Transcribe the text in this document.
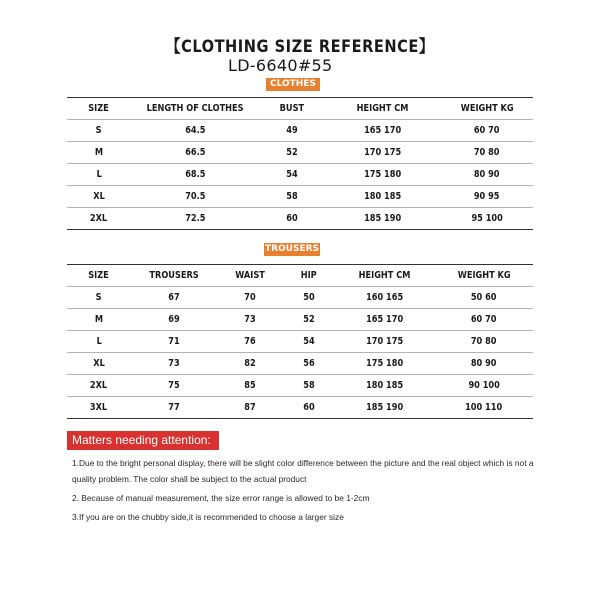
【CLOTHING SIZE REFERENCE】
LD-6640#55
CLOTHES
SIZE	LENGTH OF CLOTHES	BUST	HEIGHT CM	WEIGHT KG
S	64.5	49	165 170	60 70
M	66.5	52	170 175	70 80
L	68.5	54	175 180	80 90
XL	70.5	58	180 185	90 95
2XL	72.5	60	185 190	95 100
TROUSERS
SIZE	TROUSERS	WAIST	HIP	HEIGHT CM	WEIGHT KG
S	67	70	50	160 165	50 60
M	69	73	52	165 170	60 70
L	71	76	54	170 175	70 80
XL	73	82	56	175 180	80 90
2XL	75	85	58	180 185	90 100
3XL	77	87	60	185 190	100 110
Matters needing attention:

1.Due to the bright personal display, there will be slight color difference between the picture and the real object which is not a quality problem. The color shall be subject to the actual product

2. Because of manual measurement, the size error range is allowed to be 1-2cm

3.If you are on the chubby side,it is recommended to choose a larger size
